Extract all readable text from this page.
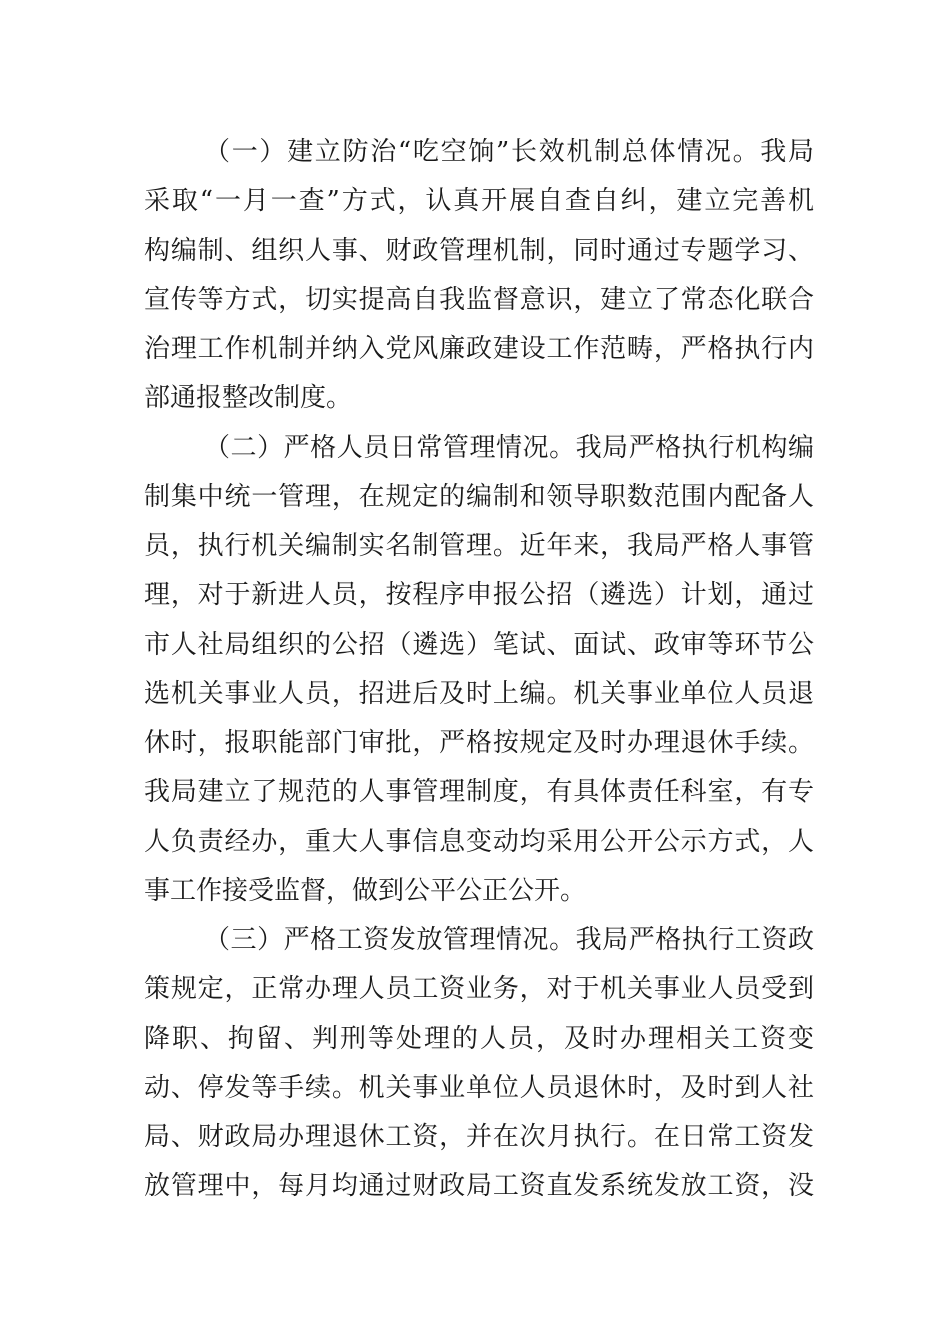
（一）建立防治“吃空饷”长效机制总体情况。我局
采取“一月一查”方式，认真开展自查自纠，建立完善机
构编制、组织人事、财政管理机制，同时通过专题学习、
宣传等方式，切实提高自我监督意识，建立了常态化联合
治理工作机制并纳入党风廉政建设工作范畴，严格执行内
部通报整改制度。
（二）严格人员日常管理情况。我局严格执行机构编
制集中统一管理，在规定的编制和领导职数范围内配备人
员，执行机关编制实名制管理。近年来，我局严格人事管
理，对于新进人员，按程序申报公招（遴选）计划，通过
市人社局组织的公招（遴选）笔试、面试、政审等环节公
选机关事业人员，招进后及时上编。机关事业单位人员退
休时，报职能部门审批，严格按规定及时办理退休手续。
我局建立了规范的人事管理制度，有具体责任科室，有专
人负责经办，重大人事信息变动均采用公开公示方式，人
事工作接受监督，做到公平公正公开。
（三）严格工资发放管理情况。我局严格执行工资政
策规定，正常办理人员工资业务，对于机关事业人员受到
降职、拘留、判刑等处理的人员，及时办理相关工资变
动、停发等手续。机关事业单位人员退休时，及时到人社
局、财政局办理退休工资，并在次月执行。在日常工资发
放管理中，每月均通过财政局工资直发系统发放工资，没
